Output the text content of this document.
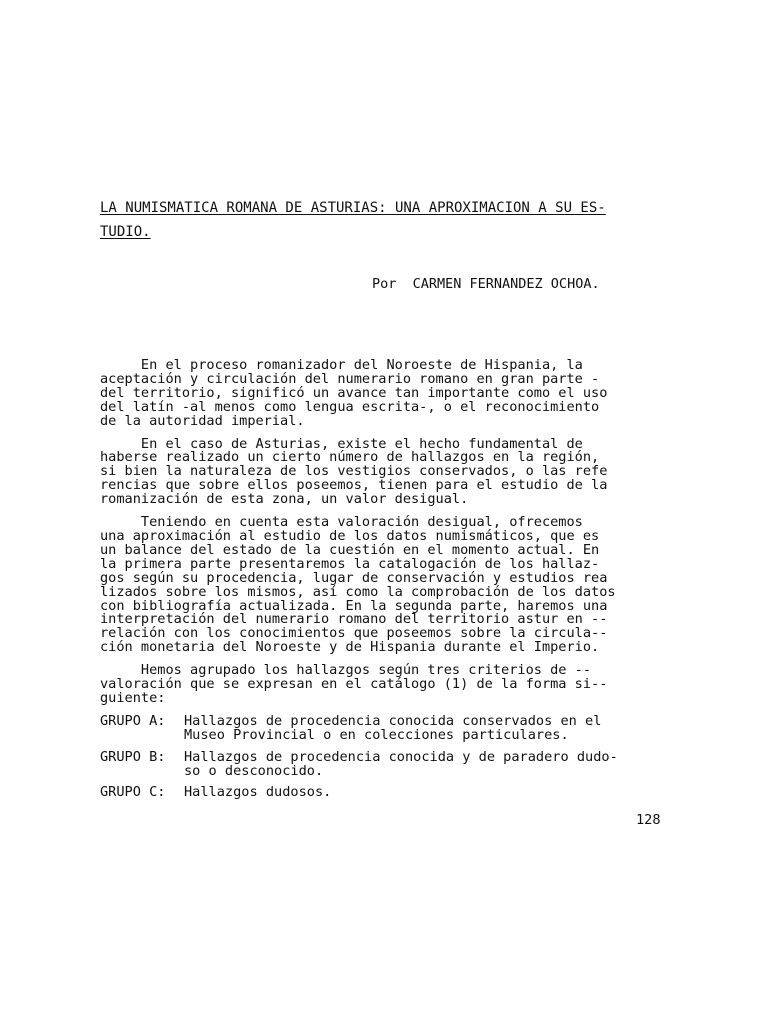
LA NUMISMATICA ROMANA DE ASTURIAS: UNA APROXIMACION A SU ES-
TUDIO.
Por  CARMEN FERNANDEZ OCHOA.

En el proceso romanizador del Noroeste de Hispania, la
aceptación y circulación del numerario romano en gran parte -
del territorio, significó un avance tan importante como el uso
del latín -al menos como lengua escrita-, o el reconocimiento
de la autoridad imperial.

En el caso de Asturias, existe el hecho fundamental de
haberse realizado un cierto número de hallazgos en la región,
si bien la naturaleza de los vestigios conservados, o las refe
rencias que sobre ellos poseemos, tienen para el estudio de la
romanización de esta zona, un valor desigual.

Teniendo en cuenta esta valoración desigual, ofrecemos
una aproximación al estudio de los datos numismáticos, que es
un balance del estado de la cuestión en el momento actual. En
la primera parte presentaremos la catalogación de los hallaz-
gos según su procedencia, lugar de conservación y estudios rea
lizados sobre los mismos, así como la comprobación de los datos
con bibliografía actualizada. En la segunda parte, haremos una
interpretación del numerario romano del territorio astur en --
relación con los conocimientos que poseemos sobre la circula--
ción monetaria del Noroeste y de Hispania durante el Imperio.

Hemos agrupado los hallazgos según tres criterios de --
valoración que se expresan en el catálogo (1) de la forma si--
guiente:

GRUPO A:	Hallazgos de procedencia conocida conservados en el
Museo Provincial o en colecciones particulares.
GRUPO B:	Hallazgos de procedencia conocida y de paradero dudo-
so o desconocido.
GRUPO C:	Hallazgos dudosos.
128
